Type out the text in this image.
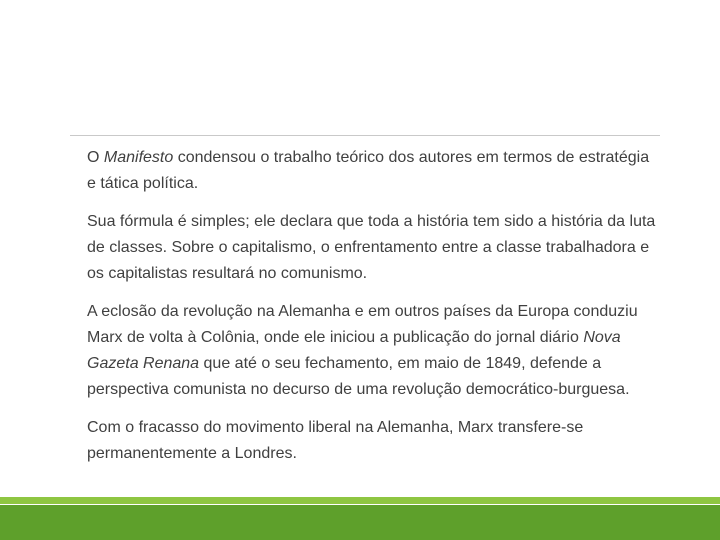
O Manifesto condensou o trabalho teórico dos autores em termos de estratégia e tática política.

Sua fórmula é simples; ele declara que toda a história tem sido a história da luta de classes. Sobre o capitalismo, o enfrentamento entre a classe trabalhadora e os capitalistas resultará no comunismo.

A eclosão da revolução na Alemanha e em outros países da Europa conduziu Marx de volta à Colônia, onde ele iniciou a publicação do jornal diário Nova Gazeta Renana que até o seu fechamento, em maio de 1849, defende a perspectiva comunista no decurso de uma revolução democrático-burguesa.

Com o fracasso do movimento liberal na Alemanha, Marx transfere-se permanentemente a Londres.
